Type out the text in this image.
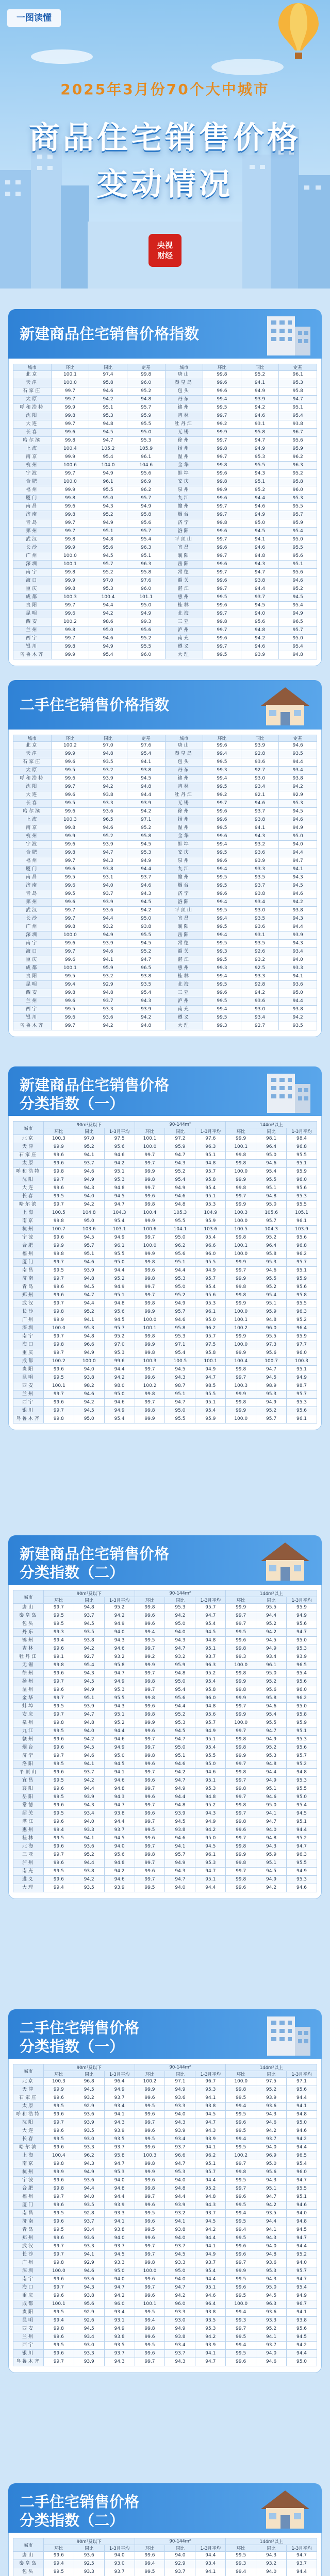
一图读懂
2025年3月份70个大中城市
商品住宅销售价格
变动情况
央视
财经
新建商品住宅销售价格指数
城市	环比	同比	定基	城市	环比	同比	定基
北京	100.1	97.4	99.8	唐山	99.8	95.2	96.1
天津	100.0	95.8	96.0	秦皇岛	99.6	94.1	95.3
石家庄	99.7	94.6	95.2	包头	99.6	94.9	95.8
太原	99.7	94.2	94.8	丹东	99.4	93.9	94.7
呼和浩特	99.9	95.1	95.7	锦州	99.5	94.2	95.1
沈阳	99.8	95.3	95.9	吉林	99.7	94.6	95.4
大连	99.7	94.8	95.5	牡丹江	99.2	93.1	93.8
长春	99.6	94.5	95.0	无锡	99.9	95.8	96.7
哈尔滨	99.8	94.7	95.3	徐州	99.7	94.7	95.6
上海	100.4	105.2	105.9	扬州	99.8	94.9	95.9
南京	99.9	95.4	96.1	温州	99.7	95.3	96.2
杭州	100.6	104.0	104.6	金华	99.8	95.5	96.3
宁波	99.7	94.9	95.6	蚌埠	99.6	94.3	95.2
合肥	100.0	96.1	96.9	安庆	99.8	95.1	95.8
福州	99.9	95.5	96.2	泉州	99.9	95.2	96.0
厦门	99.8	95.0	95.7	九江	99.6	94.4	95.3
南昌	99.6	94.3	94.9	赣州	99.7	94.6	95.5
济南	99.8	95.2	95.8	烟台	99.7	94.9	95.7
青岛	99.7	94.9	95.6	济宁	99.8	95.0	95.9
郑州	99.7	95.1	95.7	洛阳	99.6	94.5	95.4
武汉	99.8	94.8	95.4	平顶山	99.7	94.1	95.0
长沙	99.9	95.6	96.3	宜昌	99.6	94.6	95.5
广州	100.0	94.5	95.1	襄阳	99.7	94.8	95.6
深圳	100.1	95.7	96.3	岳阳	99.6	94.3	95.1
南宁	99.8	95.2	95.8	常德	99.7	94.7	95.6
海口	99.9	97.0	97.6	韶关	99.6	93.8	94.6
重庆	99.8	95.3	96.0	湛江	99.7	94.4	95.2
成都	100.3	100.4	101.1	惠州	99.5	93.7	94.5
贵阳	99.7	94.4	95.0	桂林	99.6	94.5	95.4
昆明	99.6	94.2	94.9	北海	99.7	94.0	94.9
西安	100.2	98.6	99.3	三亚	99.8	95.6	96.5
兰州	99.8	95.0	95.6	泸州	99.7	94.8	95.7
西宁	99.7	94.6	95.2	南充	99.6	94.2	95.0
银川	99.8	94.9	95.5	遵义	99.7	94.6	95.4
乌鲁木齐	99.9	95.4	96.0	大理	99.5	93.9	94.8
二手住宅销售价格指数
城市	环比	同比	定基	城市	环比	同比	定基
北京	100.2	97.0	97.6	唐山	99.6	93.9	94.6
天津	99.9	94.8	95.4	秦皇岛	99.4	92.8	93.5
石家庄	99.6	93.5	94.1	包头	99.5	93.6	94.4
太原	99.5	93.2	93.8	丹东	99.3	92.7	93.4
呼和浩特	99.6	93.9	94.5	锦州	99.4	93.0	93.8
沈阳	99.7	94.2	94.8	吉林	99.5	93.4	94.2
大连	99.6	93.8	94.4	牡丹江	99.2	92.1	92.9
长春	99.5	93.3	93.9	无锡	99.7	94.6	95.3
哈尔滨	99.6	93.6	94.2	徐州	99.6	93.7	94.5
上海	100.3	96.5	97.1	扬州	99.6	93.8	94.6
南京	99.8	94.6	95.2	温州	99.5	94.1	94.9
杭州	99.9	95.2	95.8	金华	99.6	94.3	95.0
宁波	99.6	93.9	94.5	蚌埠	99.4	93.2	94.0
合肥	99.8	94.7	95.3	安庆	99.5	93.6	94.4
福州	99.7	94.3	94.9	泉州	99.6	93.9	94.7
厦门	99.6	93.8	94.4	九江	99.4	93.3	94.1
南昌	99.5	93.1	93.7	赣州	99.5	93.5	94.3
济南	99.6	94.0	94.6	烟台	99.5	93.7	94.5
青岛	99.5	93.7	94.3	济宁	99.6	93.8	94.6
郑州	99.6	93.9	94.5	洛阳	99.4	93.4	94.2
武汉	99.7	93.6	94.2	平顶山	99.5	93.0	93.8
长沙	99.7	94.4	95.0	宜昌	99.4	93.5	94.3
广州	99.8	93.2	93.8	襄阳	99.5	93.6	94.4
深圳	100.0	94.9	95.5	岳阳	99.4	93.1	93.9
南宁	99.6	93.9	94.5	常德	99.5	93.5	94.3
海口	99.7	94.6	95.2	韶关	99.3	92.6	93.4
重庆	99.6	94.1	94.7	湛江	99.5	93.2	94.0
成都	100.1	95.9	96.5	惠州	99.3	92.5	93.3
贵阳	99.5	93.2	93.8	桂林	99.4	93.3	94.1
昆明	99.4	92.9	93.5	北海	99.5	92.8	93.6
西安	99.8	94.8	95.4	三亚	99.6	94.2	95.0
兰州	99.6	93.7	94.3	泸州	99.5	93.6	94.4
西宁	99.5	93.3	93.9	南充	99.4	93.0	93.8
银川	99.6	93.6	94.2	遵义	99.5	93.4	94.2
乌鲁木齐	99.7	94.2	94.8	大理	99.3	92.7	93.5
新建商品住宅销售价格
分类指数（一）
城市	90m²及以下			90-144m²			144m²以上		
	环比	同比	1-3月平均	环比	同比	1-3月平均	环比	同比	1-3月平均
北京	100.3	97.0	97.5	100.1	97.2	97.6	99.9	98.1	98.4
天津	99.9	95.2	95.6	100.0	95.9	96.3	100.1	96.4	96.8
石家庄	99.6	94.1	94.6	99.7	94.7	95.1	99.8	95.0	95.5
太原	99.6	93.7	94.2	99.7	94.3	94.8	99.8	94.6	95.1
呼和浩特	99.8	94.6	95.1	99.9	95.2	95.7	100.0	95.4	95.9
沈阳	99.7	94.9	95.3	99.8	95.4	95.8	99.9	95.5	96.0
大连	99.6	94.3	94.8	99.7	94.9	95.4	99.8	95.1	95.6
长春	99.5	94.0	94.5	99.6	94.6	95.1	99.7	94.8	95.3
哈尔滨	99.7	94.2	94.7	99.8	94.8	95.3	99.9	95.0	95.5
上海	100.5	104.8	104.3	100.4	105.3	104.9	100.3	105.6	105.1
南京	99.8	95.0	95.4	99.9	95.5	95.9	100.0	95.7	96.1
杭州	100.7	103.6	103.1	100.6	104.1	103.6	100.5	104.3	103.9
宁波	99.6	94.5	94.9	99.7	95.0	95.4	99.8	95.2	95.6
合肥	99.9	95.7	96.1	100.0	96.2	96.6	100.1	96.4	96.8
福州	99.8	95.1	95.5	99.9	95.6	96.0	100.0	95.8	96.2
厦门	99.7	94.6	95.0	99.8	95.1	95.5	99.9	95.3	95.7
南昌	99.5	93.9	94.4	99.6	94.4	94.9	99.7	94.6	95.1
济南	99.7	94.8	95.2	99.8	95.3	95.7	99.9	95.5	95.9
青岛	99.6	94.5	94.9	99.7	95.0	95.4	99.8	95.2	95.6
郑州	99.6	94.7	95.1	99.7	95.2	95.6	99.8	95.4	95.8
武汉	99.7	94.4	94.8	99.8	94.9	95.3	99.9	95.1	95.5
长沙	99.8	95.2	95.6	99.9	95.7	96.1	100.0	95.9	96.3
广州	99.9	94.1	94.5	100.0	94.6	95.0	100.1	94.8	95.2
深圳	100.0	95.3	95.7	100.1	95.8	96.2	100.2	96.0	96.4
南宁	99.7	94.8	95.2	99.8	95.3	95.7	99.9	95.5	95.9
海口	99.8	96.6	97.0	99.9	97.1	97.5	100.0	97.3	97.7
重庆	99.7	94.9	95.3	99.8	95.4	95.8	99.9	95.6	96.0
成都	100.2	100.0	99.6	100.3	100.5	100.1	100.4	100.7	100.3
贵阳	99.6	94.0	94.4	99.7	94.5	94.9	99.8	94.7	95.1
昆明	99.5	93.8	94.2	99.6	94.3	94.7	99.7	94.5	94.9
西安	100.1	98.2	98.0	100.2	98.7	98.5	100.3	98.9	98.7
兰州	99.7	94.6	95.0	99.8	95.1	95.5	99.9	95.3	95.7
西宁	99.6	94.2	94.6	99.7	94.7	95.1	99.8	94.9	95.3
银川	99.7	94.5	94.9	99.8	95.0	95.4	99.9	95.2	95.6
乌鲁木齐	99.8	95.0	95.4	99.9	95.5	95.9	100.0	95.7	96.1
新建商品住宅销售价格
分类指数（二）
城市	90m²及以下			90-144m²			144m²以上		
	环比	同比	1-3月平均	环比	同比	1-3月平均	环比	同比	1-3月平均
唐山	99.7	94.8	95.2	99.8	95.3	95.7	99.9	95.5	95.9
秦皇岛	99.5	93.7	94.2	99.6	94.2	94.7	99.7	94.4	94.9
包头	99.5	94.5	94.9	99.6	95.0	95.4	99.7	95.2	95.6
丹东	99.3	93.5	94.0	99.4	94.0	94.5	99.5	94.2	94.7
锦州	99.4	93.8	94.3	99.5	94.3	94.8	99.6	94.5	95.0
吉林	99.6	94.2	94.6	99.7	94.7	95.1	99.8	94.9	95.3
牡丹江	99.1	92.7	93.2	99.2	93.2	93.7	99.3	93.4	93.9
无锡	99.8	95.4	95.8	99.9	95.9	96.3	100.0	96.1	96.5
徐州	99.6	94.3	94.7	99.7	94.8	95.2	99.8	95.0	95.4
扬州	99.7	94.5	94.9	99.8	95.0	95.4	99.9	95.2	95.6
温州	99.6	94.9	95.3	99.7	95.4	95.8	99.8	95.6	96.0
金华	99.7	95.1	95.5	99.8	95.6	96.0	99.9	95.8	96.2
蚌埠	99.5	93.9	94.3	99.6	94.4	94.8	99.7	94.6	95.0
安庆	99.7	94.7	95.1	99.8	95.2	95.6	99.9	95.4	95.8
泉州	99.8	94.8	95.2	99.9	95.3	95.7	100.0	95.5	95.9
九江	99.5	94.0	94.4	99.6	94.5	94.9	99.7	94.7	95.1
赣州	99.6	94.2	94.6	99.7	94.7	95.1	99.8	94.9	95.3
烟台	99.6	94.5	94.9	99.7	95.0	95.4	99.8	95.2	95.6
济宁	99.7	94.6	95.0	99.8	95.1	95.5	99.9	95.3	95.7
洛阳	99.5	94.1	94.5	99.6	94.6	95.0	99.7	94.8	95.2
平顶山	99.6	93.7	94.1	99.7	94.2	94.6	99.8	94.4	94.8
宜昌	99.5	94.2	94.6	99.6	94.7	95.1	99.7	94.9	95.3
襄阳	99.6	94.4	94.8	99.7	94.9	95.3	99.8	95.1	95.5
岳阳	99.5	93.9	94.3	99.6	94.4	94.8	99.7	94.6	95.0
常德	99.6	94.3	94.7	99.7	94.8	95.2	99.8	95.0	95.4
韶关	99.5	93.4	93.8	99.6	93.9	94.3	99.7	94.1	94.5
湛江	99.6	94.0	94.4	99.7	94.5	94.9	99.8	94.7	95.1
惠州	99.4	93.3	93.7	99.5	93.8	94.2	99.6	94.0	94.4
桂林	99.5	94.1	94.5	99.6	94.6	95.0	99.7	94.8	95.2
北海	99.6	93.6	94.0	99.7	94.1	94.5	99.8	94.3	94.7
三亚	99.7	95.2	95.6	99.8	95.7	96.1	99.9	95.9	96.3
泸州	99.6	94.4	94.8	99.7	94.9	95.3	99.8	95.1	95.5
南充	99.5	93.8	94.2	99.6	94.3	94.7	99.7	94.5	94.9
遵义	99.6	94.2	94.6	99.7	94.7	95.1	99.8	94.9	95.3
大理	99.4	93.5	93.9	99.5	94.0	94.4	99.6	94.2	94.6
二手住宅销售价格
分类指数（一）
城市	90m²及以下			90-144m²			144m²以上		
	环比	同比	1-3月平均	环比	同比	1-3月平均	环比	同比	1-3月平均
北京	100.3	96.8	96.4	100.2	97.1	96.7	100.0	97.5	97.1
天津	99.9	94.5	94.9	99.9	94.9	95.3	99.8	95.2	95.6
石家庄	99.6	93.2	93.7	99.6	93.6	94.1	99.5	93.9	94.4
太原	99.5	92.9	93.4	99.5	93.3	93.8	99.4	93.6	94.1
呼和浩特	99.6	93.6	94.1	99.6	94.0	94.5	99.5	94.3	94.8
沈阳	99.7	93.9	94.3	99.7	94.3	94.7	99.6	94.6	95.0
大连	99.6	93.5	93.9	99.6	93.9	94.3	99.5	94.2	94.6
长春	99.5	93.0	93.5	99.5	93.4	93.9	99.4	93.7	94.2
哈尔滨	99.6	93.3	93.7	99.6	93.7	94.1	99.5	94.0	94.4
上海	100.4	96.2	95.8	100.3	96.6	96.2	100.2	96.9	96.5
南京	99.8	94.3	94.7	99.8	94.7	95.1	99.7	95.0	95.4
杭州	99.9	94.9	95.3	99.9	95.3	95.7	99.8	95.6	96.0
宁波	99.6	93.6	94.0	99.6	94.0	94.4	99.5	94.3	94.7
合肥	99.8	94.4	94.8	99.8	94.8	95.2	99.7	95.1	95.5
福州	99.7	94.0	94.4	99.7	94.4	94.8	99.6	94.7	95.1
厦门	99.6	93.5	93.9	99.6	93.9	94.3	99.5	94.2	94.6
南昌	99.5	92.8	93.3	99.5	93.2	93.7	99.4	93.5	94.0
济南	99.6	93.7	94.1	99.6	94.1	94.5	99.5	94.4	94.8
青岛	99.5	93.4	93.8	99.5	93.8	94.2	99.4	94.1	94.5
郑州	99.6	93.6	94.0	99.6	94.0	94.4	99.5	94.3	94.7
武汉	99.7	93.3	93.7	99.7	93.7	94.1	99.6	94.0	94.4
长沙	99.7	94.1	94.5	99.7	94.5	94.9	99.6	94.8	95.2
广州	99.8	92.9	93.3	99.8	93.3	93.7	99.7	93.6	94.0
深圳	100.0	94.6	95.0	100.0	95.0	95.4	99.9	95.3	95.7
南宁	99.6	93.6	94.0	99.6	94.0	94.4	99.5	94.3	94.7
海口	99.7	94.3	94.7	99.7	94.7	95.1	99.6	95.0	95.4
重庆	99.6	93.8	94.2	99.6	94.2	94.6	99.5	94.5	94.9
成都	100.1	95.6	96.0	100.1	96.0	96.4	100.0	96.3	96.7
贵阳	99.5	92.9	93.4	99.5	93.3	93.8	99.4	93.6	94.1
昆明	99.4	92.6	93.1	99.4	93.0	93.5	99.3	93.3	93.8
西安	99.8	94.5	94.9	99.8	94.9	95.3	99.7	95.2	95.6
兰州	99.6	93.4	93.8	99.6	93.8	94.2	99.5	94.1	94.5
西宁	99.5	93.0	93.5	99.5	93.4	93.9	99.4	93.7	94.2
银川	99.6	93.3	93.7	99.6	93.7	94.1	99.5	94.0	94.4
乌鲁木齐	99.7	93.9	94.3	99.7	94.3	94.7	99.6	94.6	95.0
二手住宅销售价格
分类指数（二）
城市	90m²及以下			90-144m²			144m²以上		
	环比	同比	1-3月平均	环比	同比	1-3月平均	环比	同比	1-3月平均
唐山	99.6	93.6	94.0	99.6	94.0	94.4	99.5	94.3	94.7
秦皇岛	99.4	92.5	93.0	99.4	92.9	93.4	99.3	93.2	93.7
包头	99.5	93.3	93.7	99.5	93.7	94.1	99.4	94.0	94.4
